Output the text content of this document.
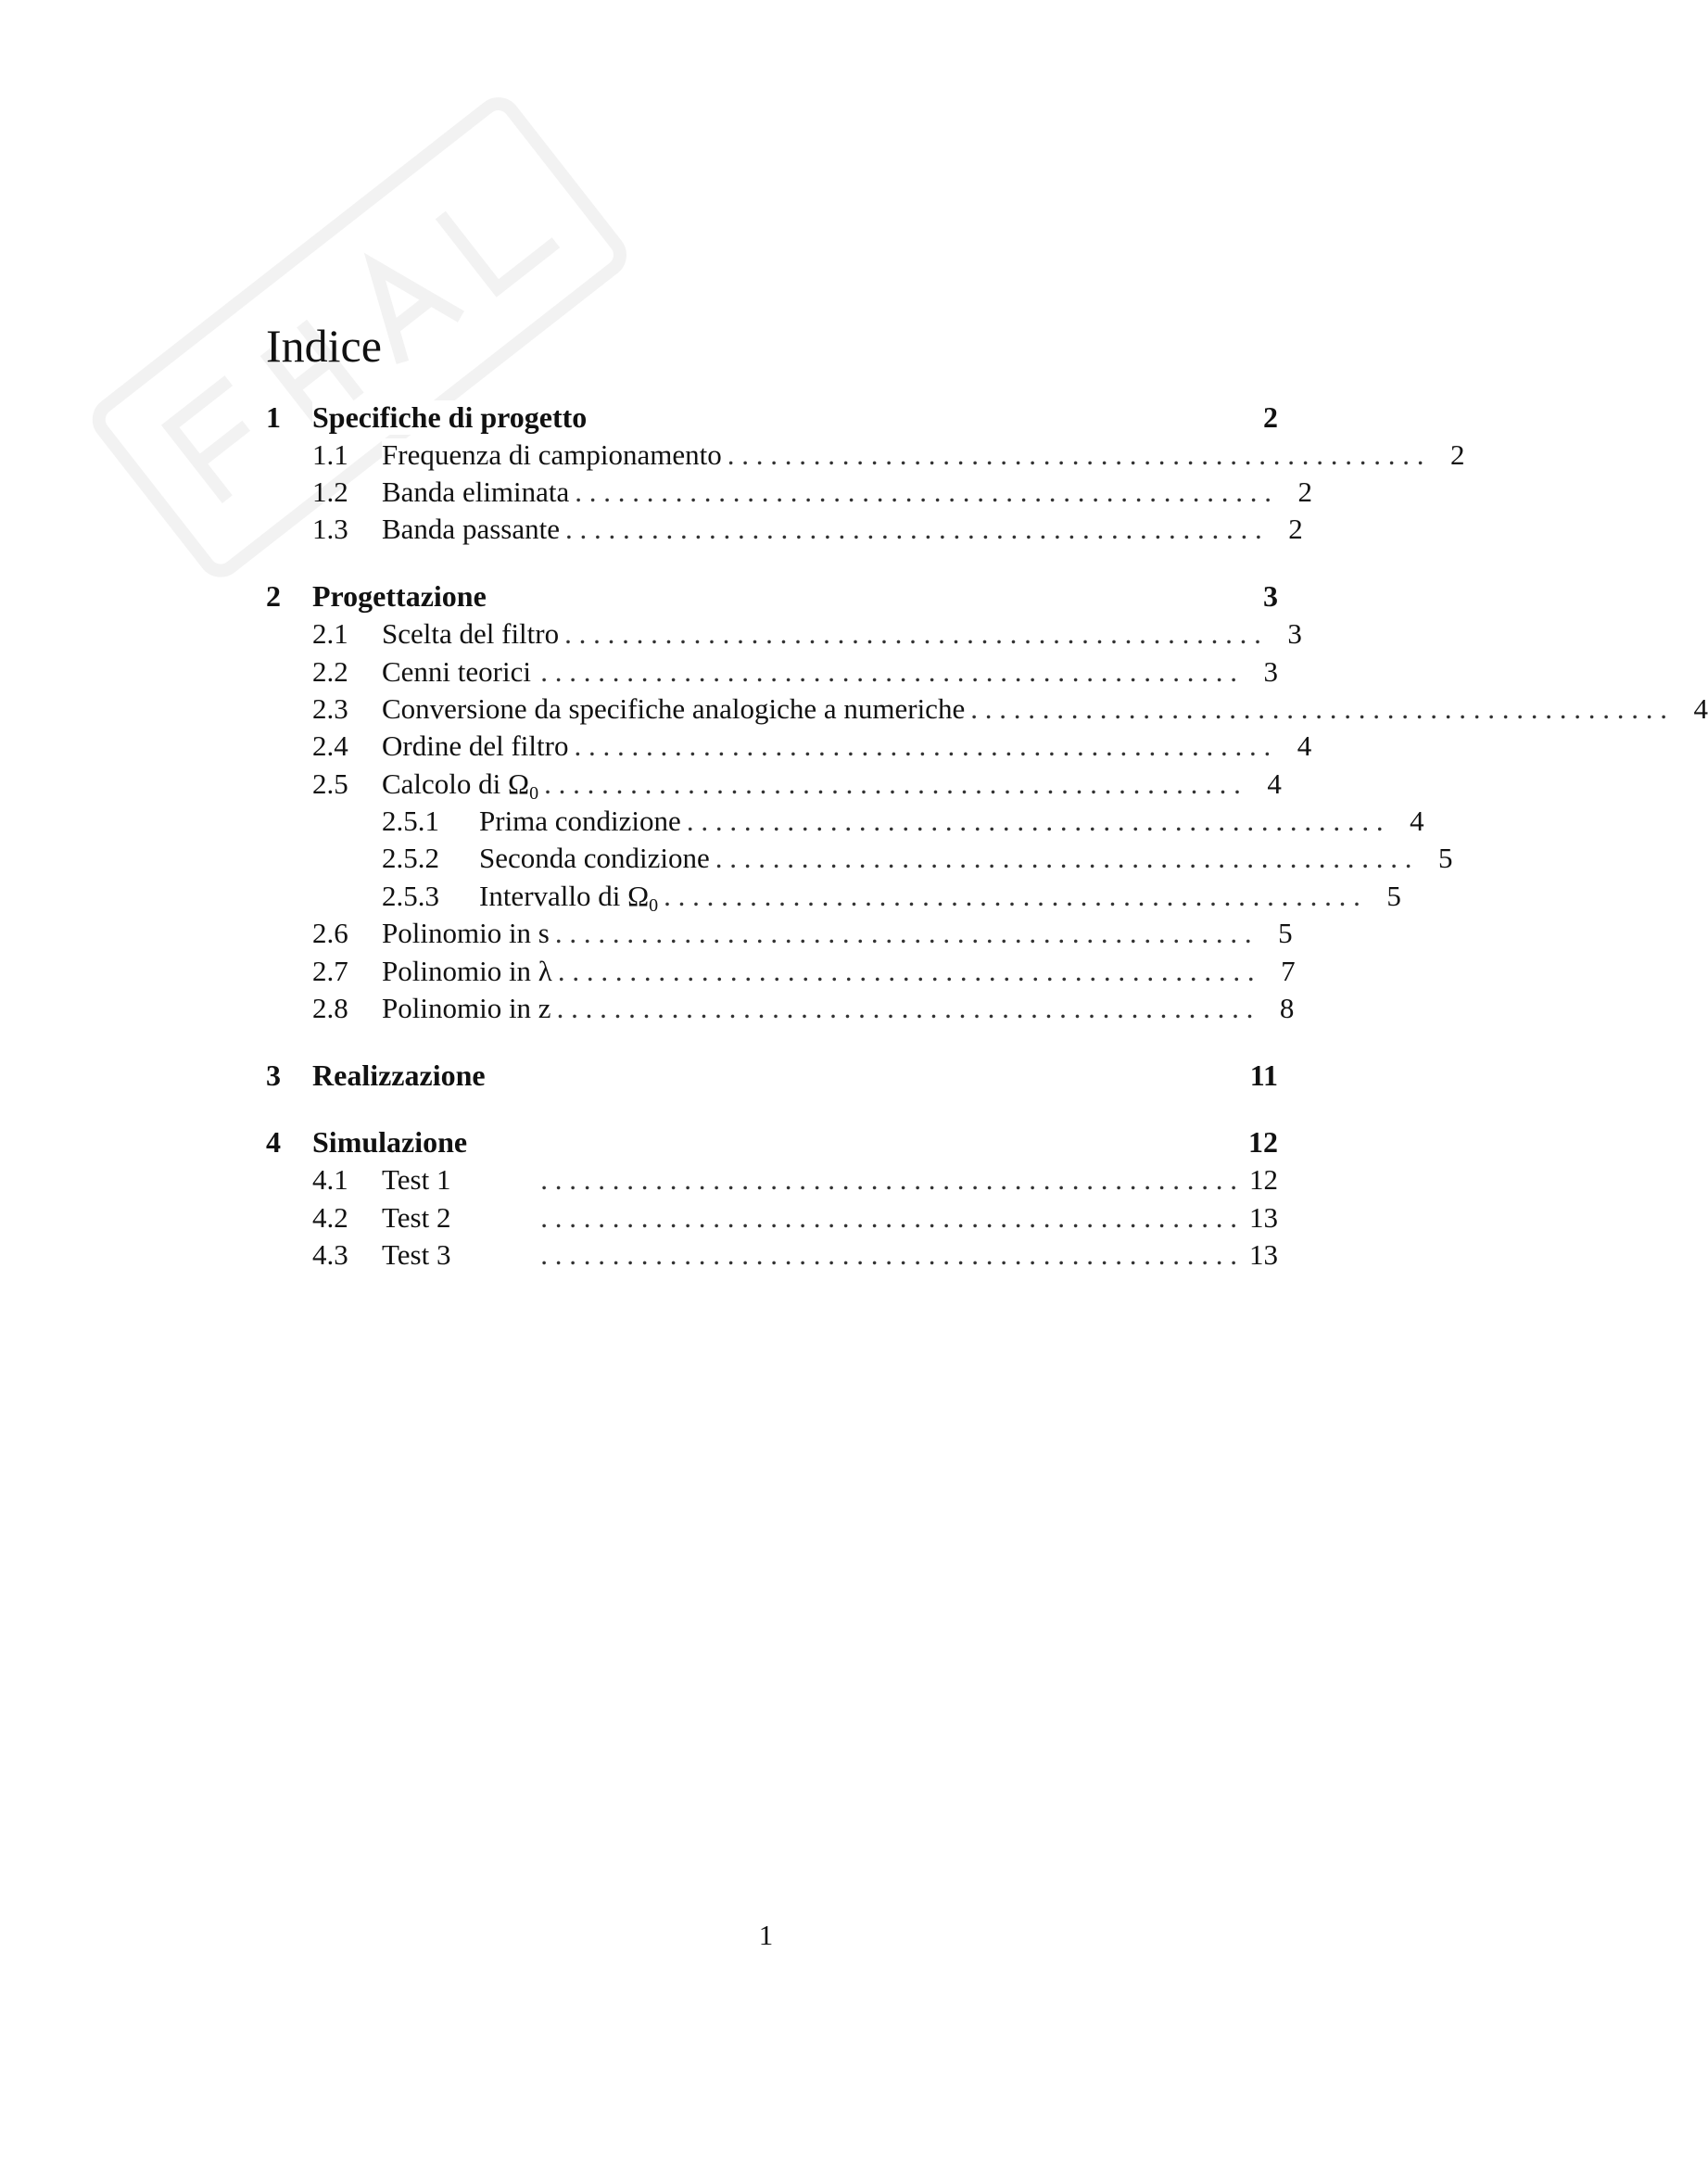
Indice
1	Specifiche di progetto	2
1.1	Frequenza di campionamento . . . . . . . . . . . . . . . . . . . . . . . . . . . . . . . . . . . . . . . . . . . . . . . . . 2
1.2	Banda eliminata . . . . . . . . . . . . . . . . . . . . . . . . . . . . . . . . . . . . . . . . . . . . . . . . . 2
1.3	Banda passante . . . . . . . . . . . . . . . . . . . . . . . . . . . . . . . . . . . . . . . . . . . . . . . . . 2
2	Progettazione	3
2.1	Scelta del filtro . . . . . . . . . . . . . . . . . . . . . . . . . . . . . . . . . . . . . . . . . . . . . . . . . 3
2.2	Cenni teorici . . . . . . . . . . . . . . . . . . . . . . . . . . . . . . . . . . . . . . . . . . . . . . . . . 3
2.3	Conversione da specifiche analogiche a numeriche . . . . . . . . . . . . . . . . . . . . . . . . . . . . . . . . . . . . . . . . . . . . . . . . . 4
2.4	Ordine del filtro . . . . . . . . . . . . . . . . . . . . . . . . . . . . . . . . . . . . . . . . . . . . . . . . . 4
2.5	Calcolo di $\Omega_0$ . . . . . . . . . . . . . . . . . . . . . . . . . . . . . . . . . . . . . . . . . . . . . . . . . 4
2.5.1	Prima condizione . . . . . . . . . . . . . . . . . . . . . . . . . . . . . . . . . . . . . . . . . . . . . . . . . 4
2.5.2	Seconda condizione . . . . . . . . . . . . . . . . . . . . . . . . . . . . . . . . . . . . . . . . . . . . . . . . . 5
2.5.3	Intervallo di $\Omega_0$ . . . . . . . . . . . . . . . . . . . . . . . . . . . . . . . . . . . . . . . . . . . . . . . . . 5
2.6	Polinomio in s . . . . . . . . . . . . . . . . . . . . . . . . . . . . . . . . . . . . . . . . . . . . . . . . . 5
2.7	Polinomio in λ . . . . . . . . . . . . . . . . . . . . . . . . . . . . . . . . . . . . . . . . . . . . . . . . . 7
2.8	Polinomio in z . . . . . . . . . . . . . . . . . . . . . . . . . . . . . . . . . . . . . . . . . . . . . . . . . 8
3	Realizzazione	11
4	Simulazione	12
4.1	Test 1	. . . . . . . . . . . . . . . . . . . . . . . . . . . . . . . . . . . . . . . . . . . . . . . . . 12
4.2	Test 2	. . . . . . . . . . . . . . . . . . . . . . . . . . . . . . . . . . . . . . . . . . . . . . . . . 13
4.3	Test 3	. . . . . . . . . . . . . . . . . . . . . . . . . . . . . . . . . . . . . . . . . . . . . . . . . 13
1
